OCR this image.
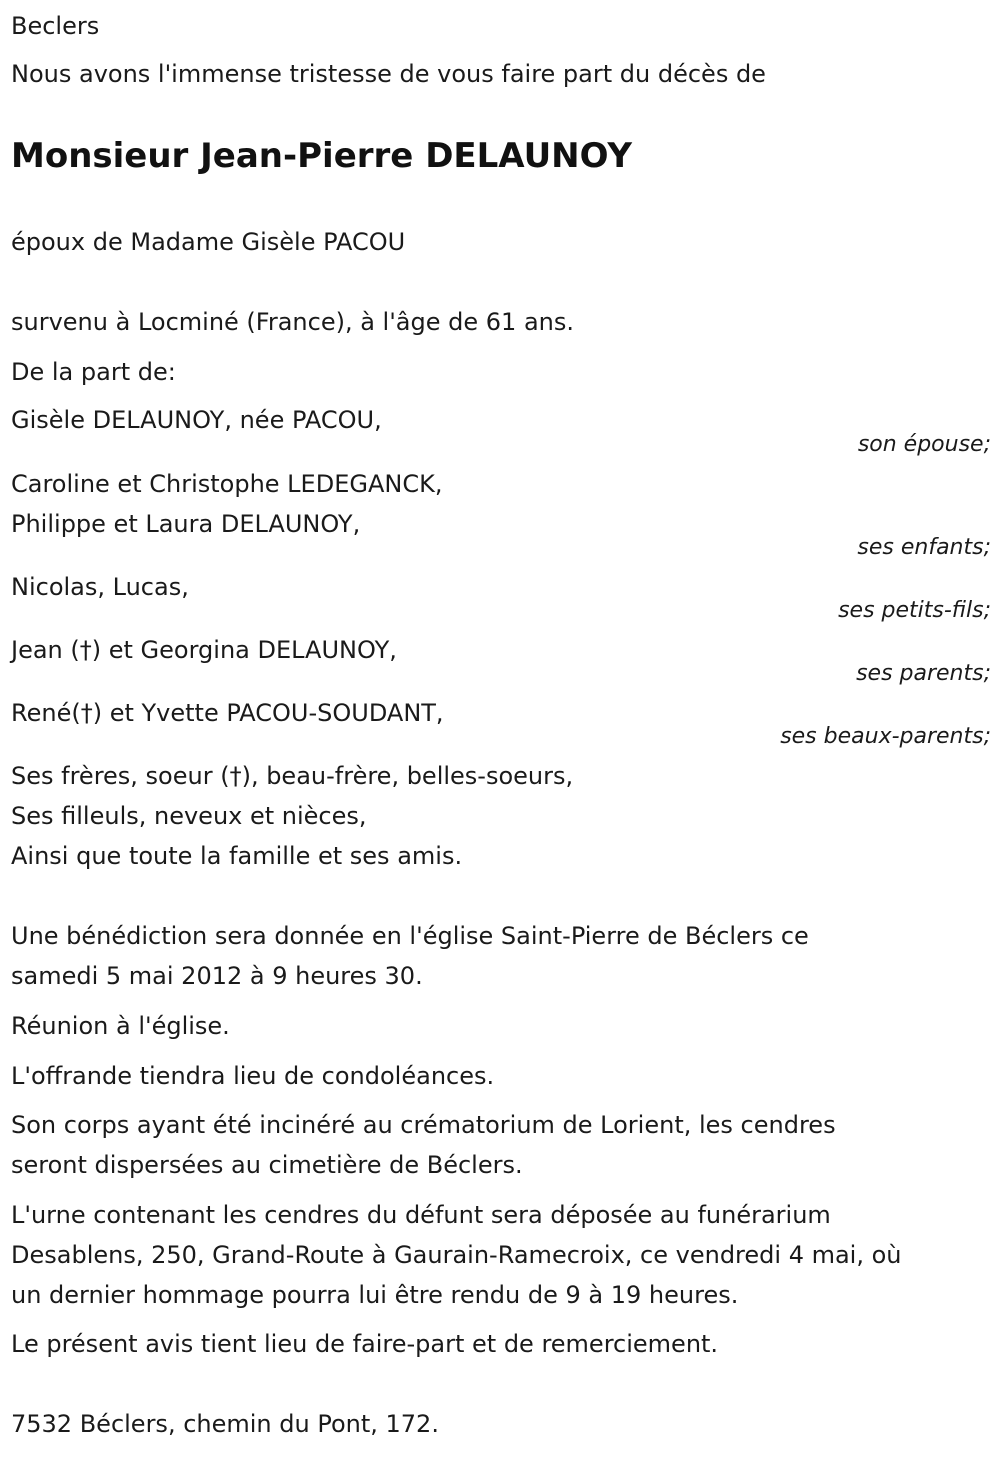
Beclers
Nous avons l'immense tristesse de vous faire part du décès de
Monsieur Jean-Pierre DELAUNOY
époux de Madame Gisèle PACOU
survenu à Locminé (France), à l'âge de 61 ans.
De la part de:
Gisèle DELAUNOY, née PACOU,
son épouse;
Caroline et Christophe LEDEGANCK,
Philippe et Laura DELAUNOY,
ses enfants;
Nicolas, Lucas,
ses petits-fils;
Jean (†) et Georgina DELAUNOY,
ses parents;
René(†) et Yvette PACOU-SOUDANT,
ses beaux-parents;
Ses frères, soeur (†), beau-frère, belles-soeurs,
Ses filleuls, neveux et nièces,
Ainsi que toute la famille et ses amis.
Une bénédiction sera donnée en l'église Saint-Pierre de Béclers ce
samedi 5 mai 2012 à 9 heures 30.
Réunion à l'église.
L'offrande tiendra lieu de condoléances.
Son corps ayant été incinéré au crématorium de Lorient, les cendres
seront dispersées au cimetière de Béclers.
L'urne contenant les cendres du défunt sera déposée au funérarium
Desablens, 250, Grand-Route à Gaurain-Ramecroix, ce vendredi 4 mai, où
un dernier hommage pourra lui être rendu de 9 à 19 heures.
Le présent avis tient lieu de faire-part et de remerciement.
7532 Béclers, chemin du Pont, 172.
